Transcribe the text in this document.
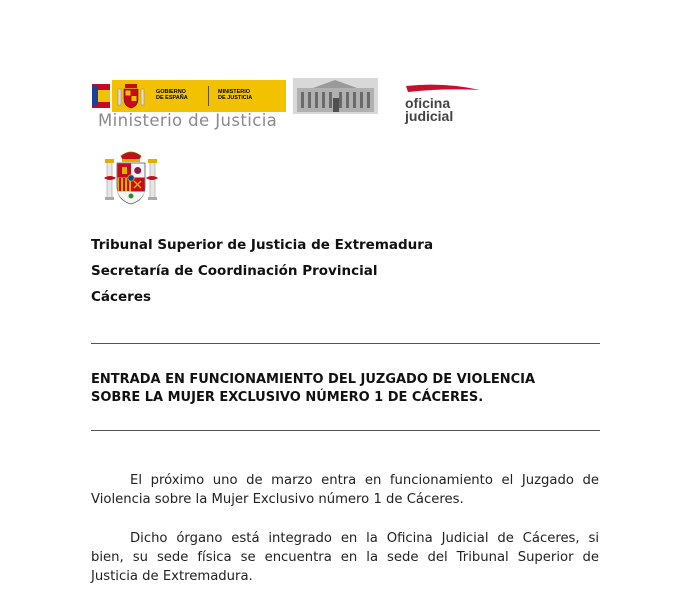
GOBIERNO
DE ESPAÑA
MINISTERIO
DE JUSTICIA
Ministerio de Justicia
oficina
judicial
Tribunal Superior de Justicia de Extremadura
Secretaría de Coordinación Provincial
Cáceres
ENTRADA EN FUNCIONAMIENTO DEL JUZGADO DE VIOLENCIA
SOBRE LA MUJER EXCLUSIVO NÚMERO 1 DE CÁCERES.
El próximo uno de marzo entra en funcionamiento el Juzgado de
Violencia sobre la Mujer Exclusivo número 1 de Cáceres.
Dicho órgano está integrado en la Oficina Judicial de Cáceres, si
bien, su sede física se encuentra en la sede del Tribunal Superior de
Justicia de Extremadura.
